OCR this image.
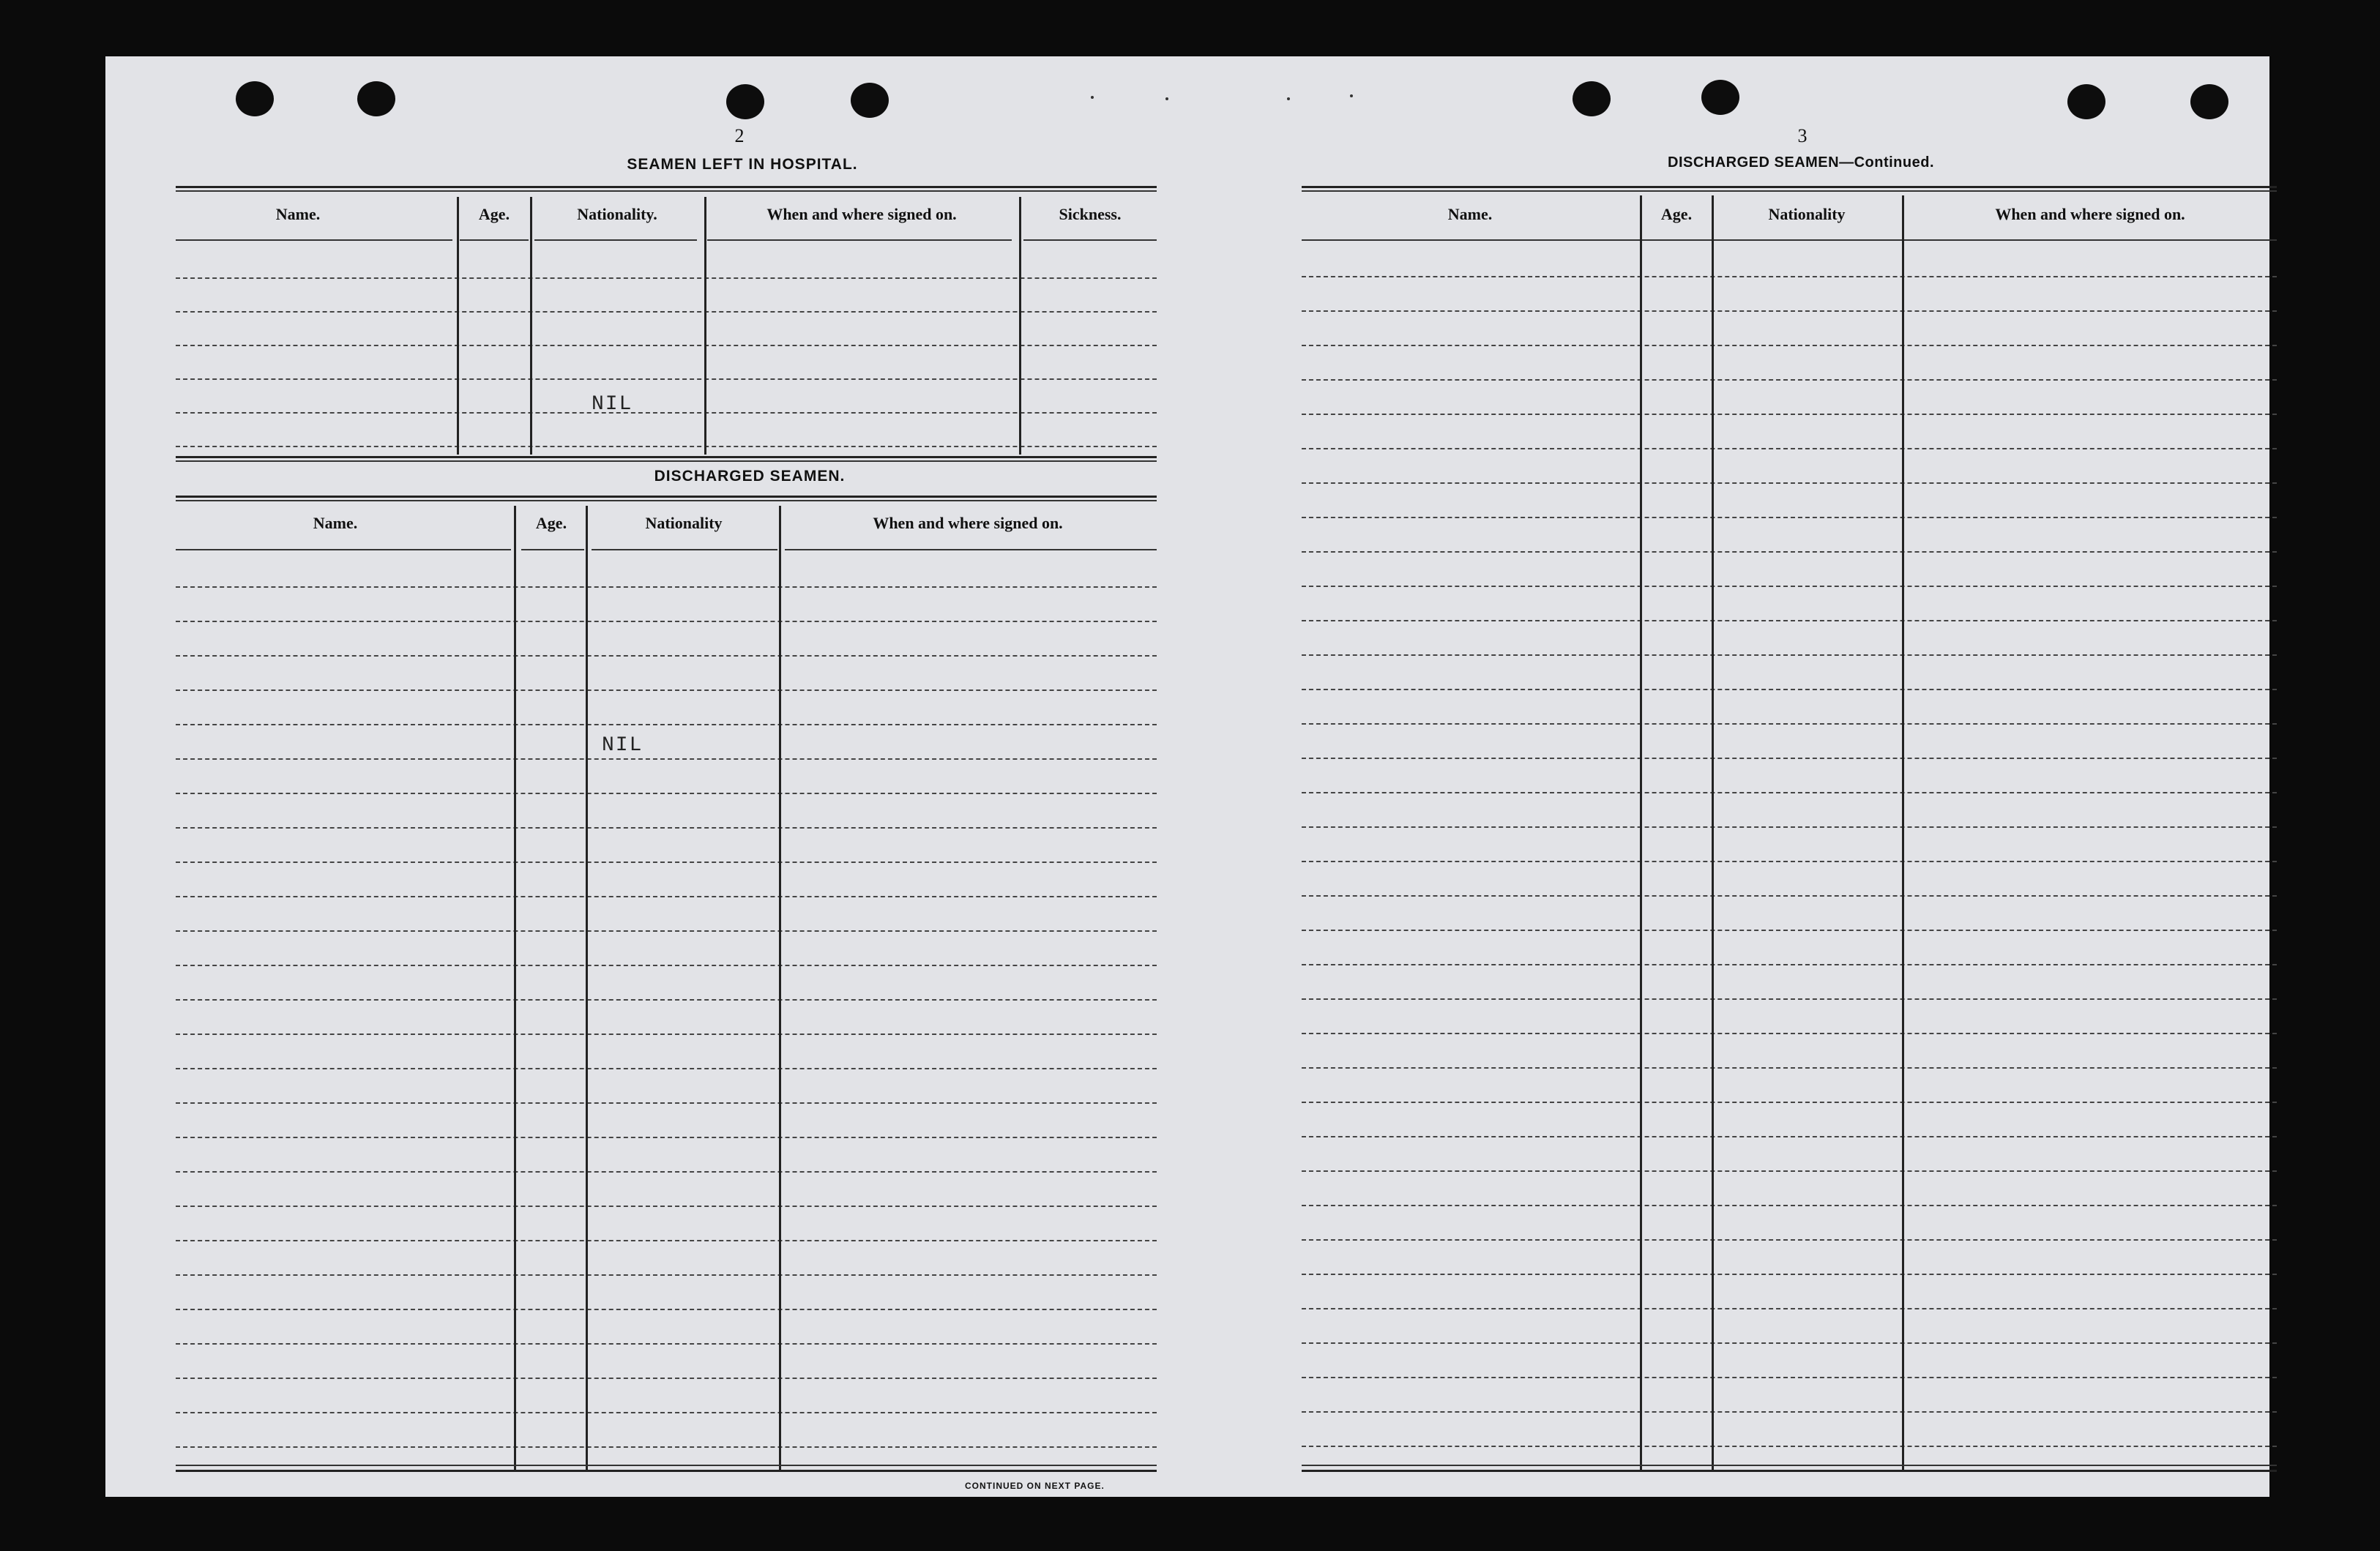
2
SEAMEN LEFT IN HOSPITAL.
Name.	Age.	Nationality.	When and where signed on.	Sickness.
NIL
DISCHARGED SEAMEN.
Name.	Age.	Nationality	When and where signed on.
NIL
CONTINUED ON NEXT PAGE.
3
DISCHARGED SEAMEN—Continued.
Name.	Age.	Nationality	When and where signed on.
